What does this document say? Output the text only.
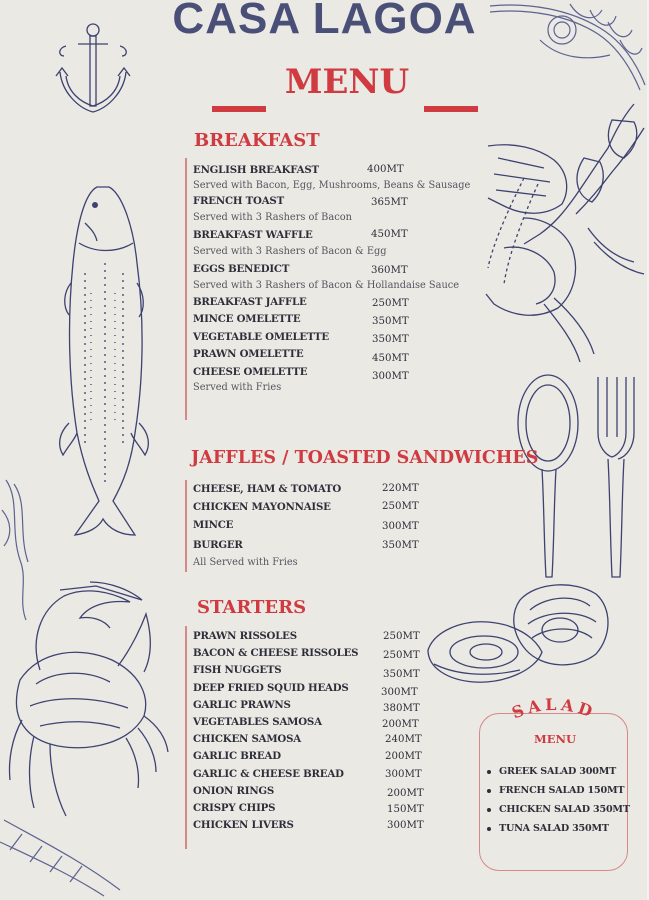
CASA LAGOA
MENU
BREAKFAST
ENGLISH BREAKFAST	400MT
Served with Bacon, Egg, Mushrooms, Beans & Sausage
FRENCH TOAST	365MT
Served with 3 Rashers of Bacon
BREAKFAST WAFFLE	450MT
Served with 3 Rashers of Bacon & Egg
EGGS BENEDICT	360MT
Served with 3 Rashers of Bacon & Hollandaise Sauce
BREAKFAST JAFFLE	250MT
MINCE OMELETTE	350MT
VEGETABLE OMELETTE	350MT
PRAWN OMELETTE	450MT
CHEESE OMELETTE	300MT
Served with Fries
JAFFLES / TOASTED SANDWICHES
CHEESE, HAM & TOMATO	220MT
CHICKEN MAYONNAISE	250MT
MINCE	300MT
BURGER	350MT
All Served with Fries
STARTERS
PRAWN RISSOLES	250MT
BACON & CHEESE RISSOLES 250MT
FISH NUGGETS	350MT
DEEP FRIED SQUID HEADS	300MT
GARLIC PRAWNS	380MT
VEGETABLES SAMOSA	200MT
CHICKEN SAMOSA	240MT
GARLIC BREAD	200MT
GARLIC & CHEESE BREAD	300MT
ONION RINGS	200MT
CRISPY CHIPS	150MT
CHICKEN LIVERS	300MT
SALAD
MENU
GREEK SALAD 300MT
FRENCH SALAD 150MT
CHICKEN SALAD 350MT
TUNA SALAD 350MT
